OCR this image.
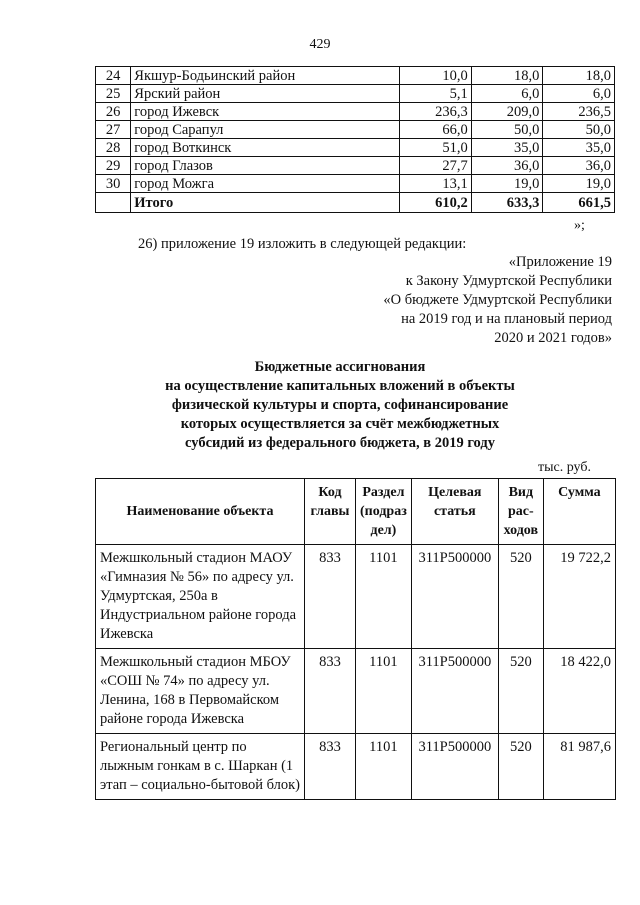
429
24	Якшур-Бодьинский район	10,0	18,0	18,0
25	Ярский район	5,1	6,0	6,0
26	город Ижевск	236,3	209,0	236,5
27	город Сарапул	66,0	50,0	50,0
28	город Воткинск	51,0	35,0	35,0
29	город Глазов	27,7	36,0	36,0
30	город Можга	13,1	19,0	19,0
	Итого	610,2	633,3	661,5
»;
26) приложение 19 изложить в следующей редакции:
«Приложение 19
к Закону Удмуртской Республики
«О бюджете Удмуртской Республики
на 2019 год и на плановый период
2020 и 2021 годов»
Бюджетные ассигнования
на осуществление капитальных вложений в объекты
физической культуры и спорта, софинансирование
которых осуществляется за счёт межбюджетных
субсидий из федерального бюджета, в 2019 году
тыс. руб.
Наименование объекта	Код главы	Раздел (подраз дел)	Целевая статья	Вид рас- ходов	Сумма
Межшкольный стадион МАОУ «Гимназия № 56» по адресу ул. Удмуртская, 250а в Индустриальном районе города Ижевска	833	1101	311P500000	520	19 722,2
Межшкольный стадион МБОУ «СОШ № 74» по адресу ул. Ленина, 168 в Первомайском районе города Ижевска	833	1101	311P500000	520	18 422,0
Региональный центр по лыжным гонкам в с. Шаркан (1 этап – социально-бытовой блок)	833	1101	311P500000	520	81 987,6
